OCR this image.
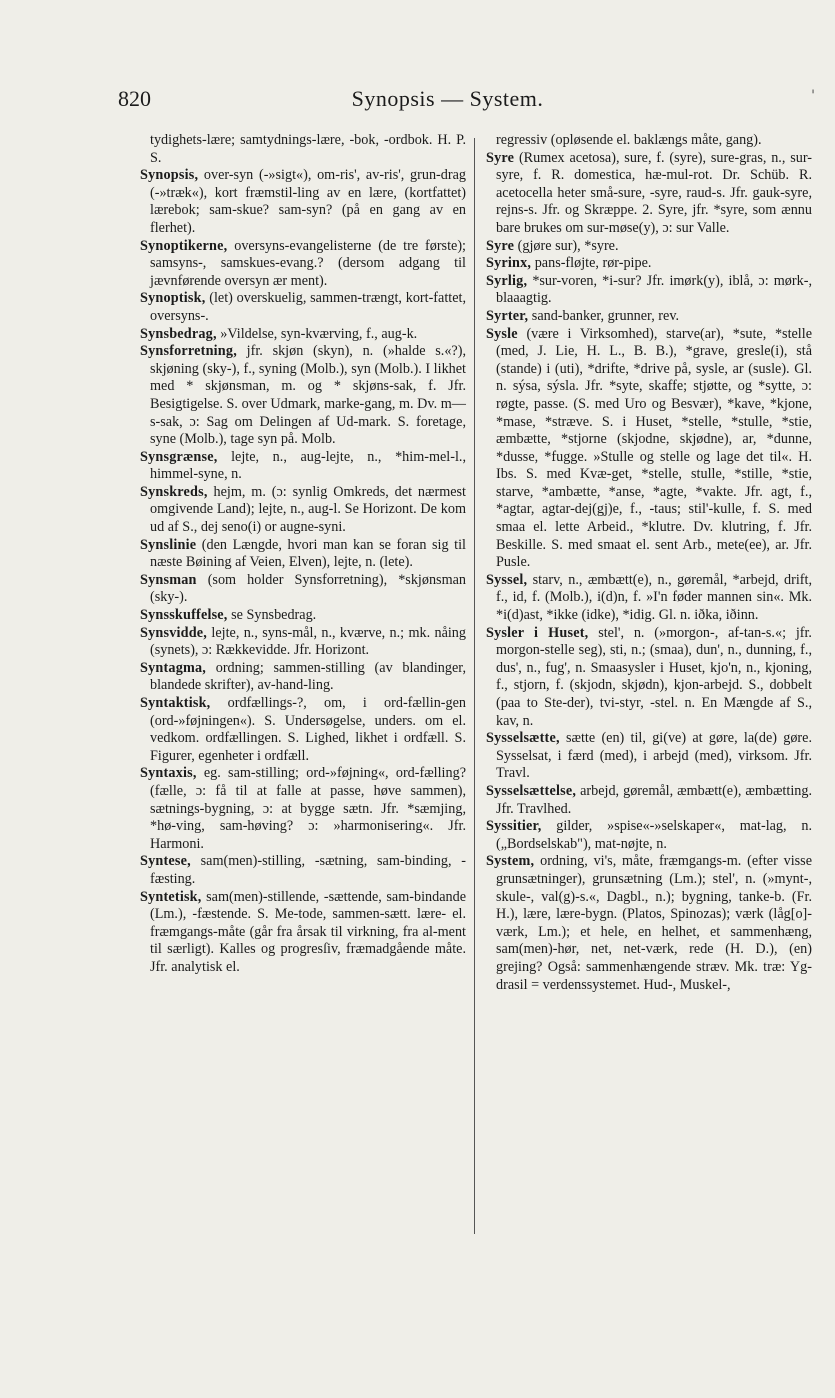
820	Synopsis — System.	'
tydighets-lære; samtydnings-lære, -bok, -ordbok. H. P. S.
Synopsis, over-syn (-»sigt«), om-ris', av-ris', grun-drag (-»træk«), kort fræmstil-ling av en lære, (kortfattet) lærebok; sam-skue? sam-syn? (på en gang av en flerhet).
Synoptikerne, oversyns-evangelisterne (de tre første); samsyns-, samskues-evang.? (dersom adgang til jævnførende oversyn ær ment).
Synoptisk, (let) overskuelig, sammen-trængt, kort-fattet, oversyns-.
Synsbedrag, »Vildelse, syn-kværving, f., aug-k.
Synsforretning, jfr. skjøn (skyn), n. (»halde s.«?), skjøning (sky-), f., syning (Molb.), syn (Molb.). I likhet med * skjønsman, m. og * skjøns-sak, f. Jfr. Besigtigelse. S. over Udmark, marke-gang, m. Dv. m—s-sak, ɔ: Sag om Delingen af Ud-mark. S. foretage, syne (Molb.), tage syn på. Molb.
Synsgrænse, lejte, n., aug-lejte, n., *him-mel-l., himmel-syne, n.
Synskreds, hejm, m. (ɔ: synlig Omkreds, det nærmest omgivende Land); lejte, n., aug-l. Se Horizont. De kom ud af S., dej seno(i) or augne-syni.
Synslinie (den Længde, hvori man kan se foran sig til næste Bøining af Veien, Elven), lejte, n. (lete).
Synsman (som holder Synsforretning), *skjønsman (sky-).
Synsskuffelse, se Synsbedrag.
Synsvidde, lejte, n., syns-mål, n., kværve, n.; mk. nåing (synets), ɔ: Rækkevidde. Jfr. Horizont.
Syntagma, ordning; sammen-stilling (av blandinger, blandede skrifter), av-hand-ling.
Syntaktisk, ordfællings-?, om, i ord-fællin-gen (ord-»føjningen«). S. Undersøgelse, unders. om el. vedkom. ordfællingen. S. Lighed, likhet i ordfæll. S. Figurer, egenheter i ordfæll.
Syntaxis, eg. sam-stilling; ord-»føjning«, ord-fælling? (fælle, ɔ: få til at falle at passe, høve sammen), sætnings-bygning, ɔ: at bygge sætn. Jfr. *sæmjing, *hø-ving, sam-høving? ɔ: »harmonisering«. Jfr. Harmoni.
Syntese, sam(men)-stilling, -sætning, sam-binding, -fæsting.
Syntetisk, sam(men)-stillende, -sættende, sam-bindande (Lm.), -fæstende. S. Me-tode, sammen-sætt. lære- el. fræmgangs-måte (går fra årsak til virkning, fra al-ment til særligt). Kalles og progresſiv, fræmadgående måte. Jfr. analytisk el.
regressiv (opløsende el. baklængs måte, gang).
Syre (Rumex acetosa), sure, f. (syre), sure-gras, n., sur-syre, f. R. domestica, hæ-mul-rot. Dr. Schüb. R. acetocella heter små-sure, -syre, raud-s. Jfr. gauk-syre, rejns-s. Jfr. og Skræppe. 2. Syre, jfr. *syre, som ænnu bare brukes om sur-møse(y), ɔ: sur Valle.
Syre (gjøre sur), *syre.
Syrinx, pans-fløjte, rør-pipe.
Syrlig, *sur-voren, *i-sur? Jfr. imørk(y), iblå, ɔ: mørk-, blaaagtig.
Syrter, sand-banker, grunner, rev.
Sysle (være i Virksomhed), starve(ar), *sute, *stelle (med, J. Lie, H. L., B. B.), *grave, gresle(i), stå (stande) i (uti), *drifte, *drive på, sysle, ar (susle). Gl. n. sýsa, sýsla. Jfr. *syte, skaffe; stjøtte, og *sytte, ɔ: røgte, passe. (S. med Uro og Besvær), *kave, *kjone, *mase, *stræve. S. i Huset, *stelle, *stulle, *stie, æmbætte, *stjorne (skjodne, skjødne), ar, *dunne, *dusse, *fugge. »Stulle og stelle og lage det til«. H. Ibs. S. med Kvæ-get, *stelle, stulle, *stille, *stie, starve, *ambætte, *anse, *agte, *vakte. Jfr. agt, f., *agtar, agtar-dej(gj)e, f., -taus; stil'-kulle, f. S. med smaa el. lette Arbeid., *klutre. Dv. klutring, f. Jfr. Beskille. S. med smaat el. sent Arb., mete(ee), ar. Jfr. Pusle.
Syssel, starv, n., æmbætt(e), n., gøremål, *arbejd, drift, f., id, f. (Molb.), i(d)n, f. »I'n føder mannen sin«. Mk. *i(d)ast, *ikke (idke), *idig. Gl. n. iðka, iðinn.
Sysler i Huset, stel', n. (»morgon-, af-tan-s.«; jfr. morgon-stelle seg), sti, n.; (smaa), dun', n., dunning, f., dus', n., fug', n. Smaasysler i Huset, kjo'n, n., kjoning, f., stjorn, f. (skjodn, skjødn), kjon-arbejd. S., dobbelt (paa to Ste-der), tvi-styr, -stel. n. En Mængde af S., kav, n.
Sysselsætte, sætte (en) til, gi(ve) at gøre, la(de) gøre. Sysselsat, i færd (med), i arbejd (med), virksom. Jfr. Travl.
Sysselsættelse, arbejd, gøremål, æmbætt(e), æmbætting. Jfr. Travlhed.
Syssitier, gilder, »spise«-»selskaper«, mat-lag, n. („Bordselskab"), mat-nøjte, n.
System, ordning, vi's, måte, fræmgangs-m. (efter visse grunsætninger), grunsætning (Lm.); stel', n. (»mynt-, skule-, val(g)-s.«, Dagbl., n.); bygning, tanke-b. (Fr. H.), lære, lære-bygn. (Platos, Spinozas); værk (låg[o]-værk, Lm.); et hele, en helhet, et sammenhæng, sam(men)-hør, net, net-værk, rede (H. D.), (en) grejing? Også: sammenhængende stræv. Mk. træ: Yg-drasil = verdenssystemet. Hud-, Muskel-,
